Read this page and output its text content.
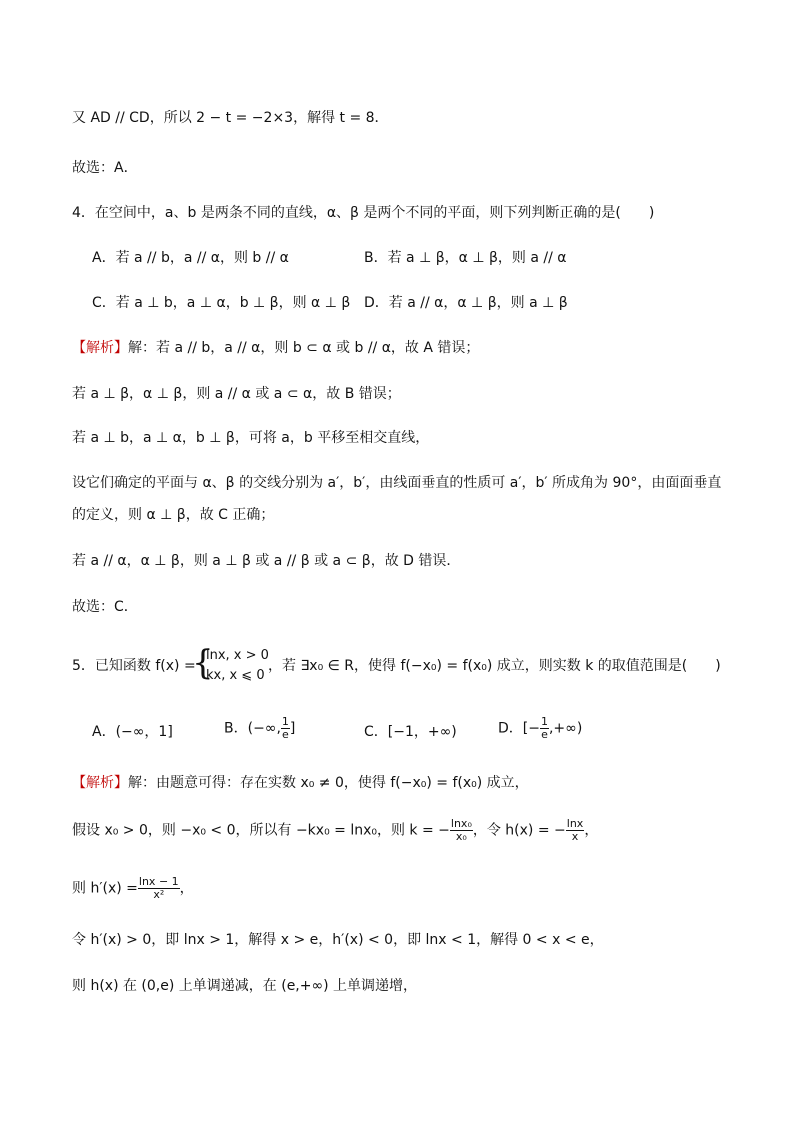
又 AD // CD，所以 2 − t = −2×3，解得 t = 8．
故选：A．
4．在空间中，a、b 是两条不同的直线，α、β 是两个不同的平面，则下列判断正确的是(　　)
A．若 a // b，a // α，则 b // α	B．若 a ⊥ β，α ⊥ β，则 a // α
C．若 a ⊥ b，a ⊥ α，b ⊥ β，则 α ⊥ β D．若 a // α，α ⊥ β，则 a ⊥ β
【解析】解：若 a // b，a // α，则 b ⊂ α 或 b // α，故 A 错误；
若 a ⊥ β，α ⊥ β，则 a // α 或 a ⊂ α，故 B 错误；
若 a ⊥ b，a ⊥ α，b ⊥ β，可将 a，b 平移至相交直线，
设它们确定的平面与 α、β 的交线分别为 a′，b′，由线面垂直的性质可 a′，b′ 所成角为 90°，由面面垂直
的定义，则 α ⊥ β，故 C 正确；
若 a // α，α ⊥ β，则 a ⊥ β 或 a // β 或 a ⊂ β，故 D 错误．
故选：C．
5．已知函数 f(x) =
{
lnx, x > 0
kx, x ⩽ 0
，若 ∃x₀ ∈ R，使得 f(−x₀) = f(x₀) 成立，则实数 k 的取值范围是(　　)
A．(−∞，1]	B．(−∞, $\frac{1}{e}$ ]	C．[−1，+∞)	D．[− $\frac{1}{e}$ ,+∞)
【解析】解：由题意可得：存在实数 x₀ ≠ 0，使得 f(−x₀) = f(x₀) 成立，
假设 x₀ > 0，则 −x₀ < 0，所以有 −kx₀ = lnx₀，则 k = − $\frac{\text{lnx₀}}{\text{x₀}}$ ，令 h(x) = − $\frac{\ln x}{x}$ ，
则 $h'(x) = \frac{\ln x - 1}{\text{x²}}$ ，
令 h′(x) > 0，即 lnx > 1，解得 x > e，h′(x) < 0，即 lnx < 1，解得 0 < x < e，
则 h(x) 在 (0,e) 上单调递减，在 (e,+∞) 上单调递增，
